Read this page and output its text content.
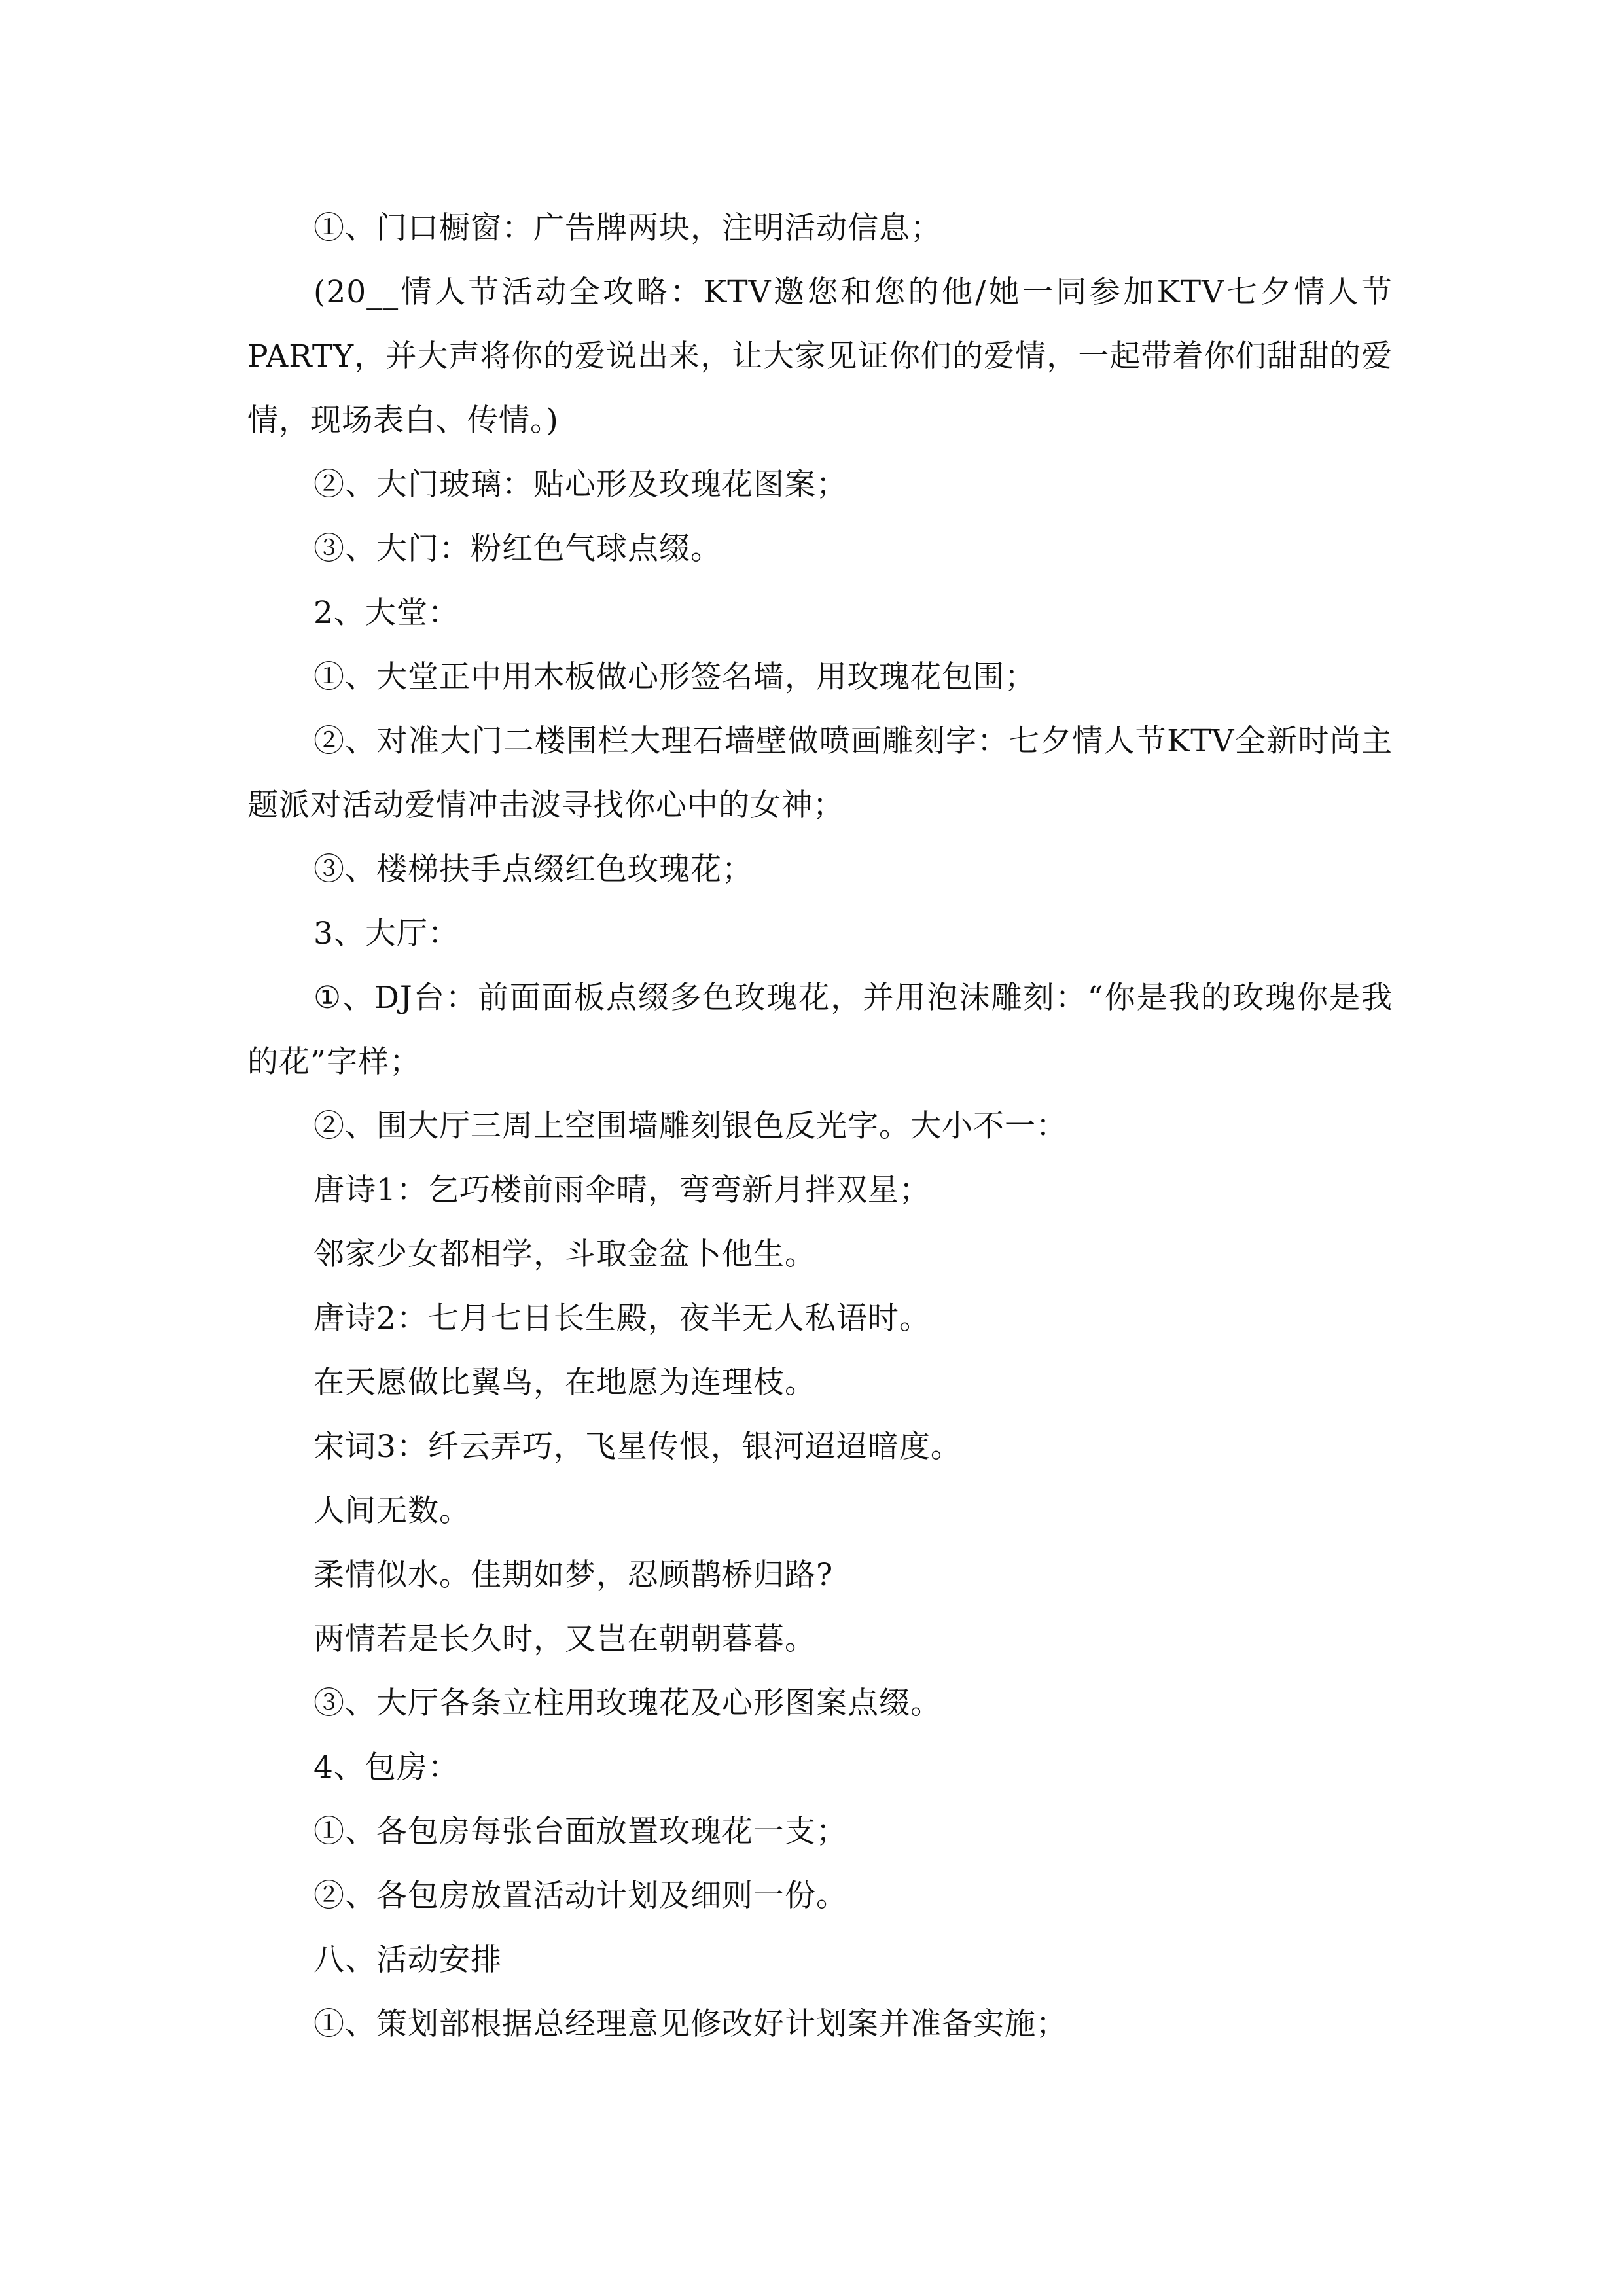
①、门口橱窗：广告牌两块，注明活动信息；
(20__情人节活动全攻略：KTV邀您和您的他/她一同参加KTV七夕情人节PARTY，并大声将你的爱说出来，让大家见证你们的爱情，一起带着你们甜甜的爱情，现场表白、传情。)
②、大门玻璃：贴心形及玫瑰花图案；
③、大门：粉红色气球点缀。
2、大堂：
①、大堂正中用木板做心形签名墙，用玫瑰花包围；
②、对准大门二楼围栏大理石墙壁做喷画雕刻字：七夕情人节KTV全新时尚主题派对活动爱情冲击波寻找你心中的女神；
③、楼梯扶手点缀红色玫瑰花；
3、大厅：
①、DJ台：前面面板点缀多色玫瑰花，并用泡沫雕刻：“你是我的玫瑰你是我的花”字样；
②、围大厅三周上空围墙雕刻银色反光字。大小不一：
唐诗1：乞巧楼前雨伞晴，弯弯新月拌双星；
邻家少女都相学，斗取金盆卜他生。
唐诗2：七月七日长生殿，夜半无人私语时。
在天愿做比翼鸟，在地愿为连理枝。
宋词3：纤云弄巧，飞星传恨，银河迢迢暗度。
人间无数。
柔情似水。佳期如梦，忍顾鹊桥归路?
两情若是长久时，又岂在朝朝暮暮。
③、大厅各条立柱用玫瑰花及心形图案点缀。
4、包房：
①、各包房每张台面放置玫瑰花一支；
②、各包房放置活动计划及细则一份。
八、活动安排
①、策划部根据总经理意见修改好计划案并准备实施；
